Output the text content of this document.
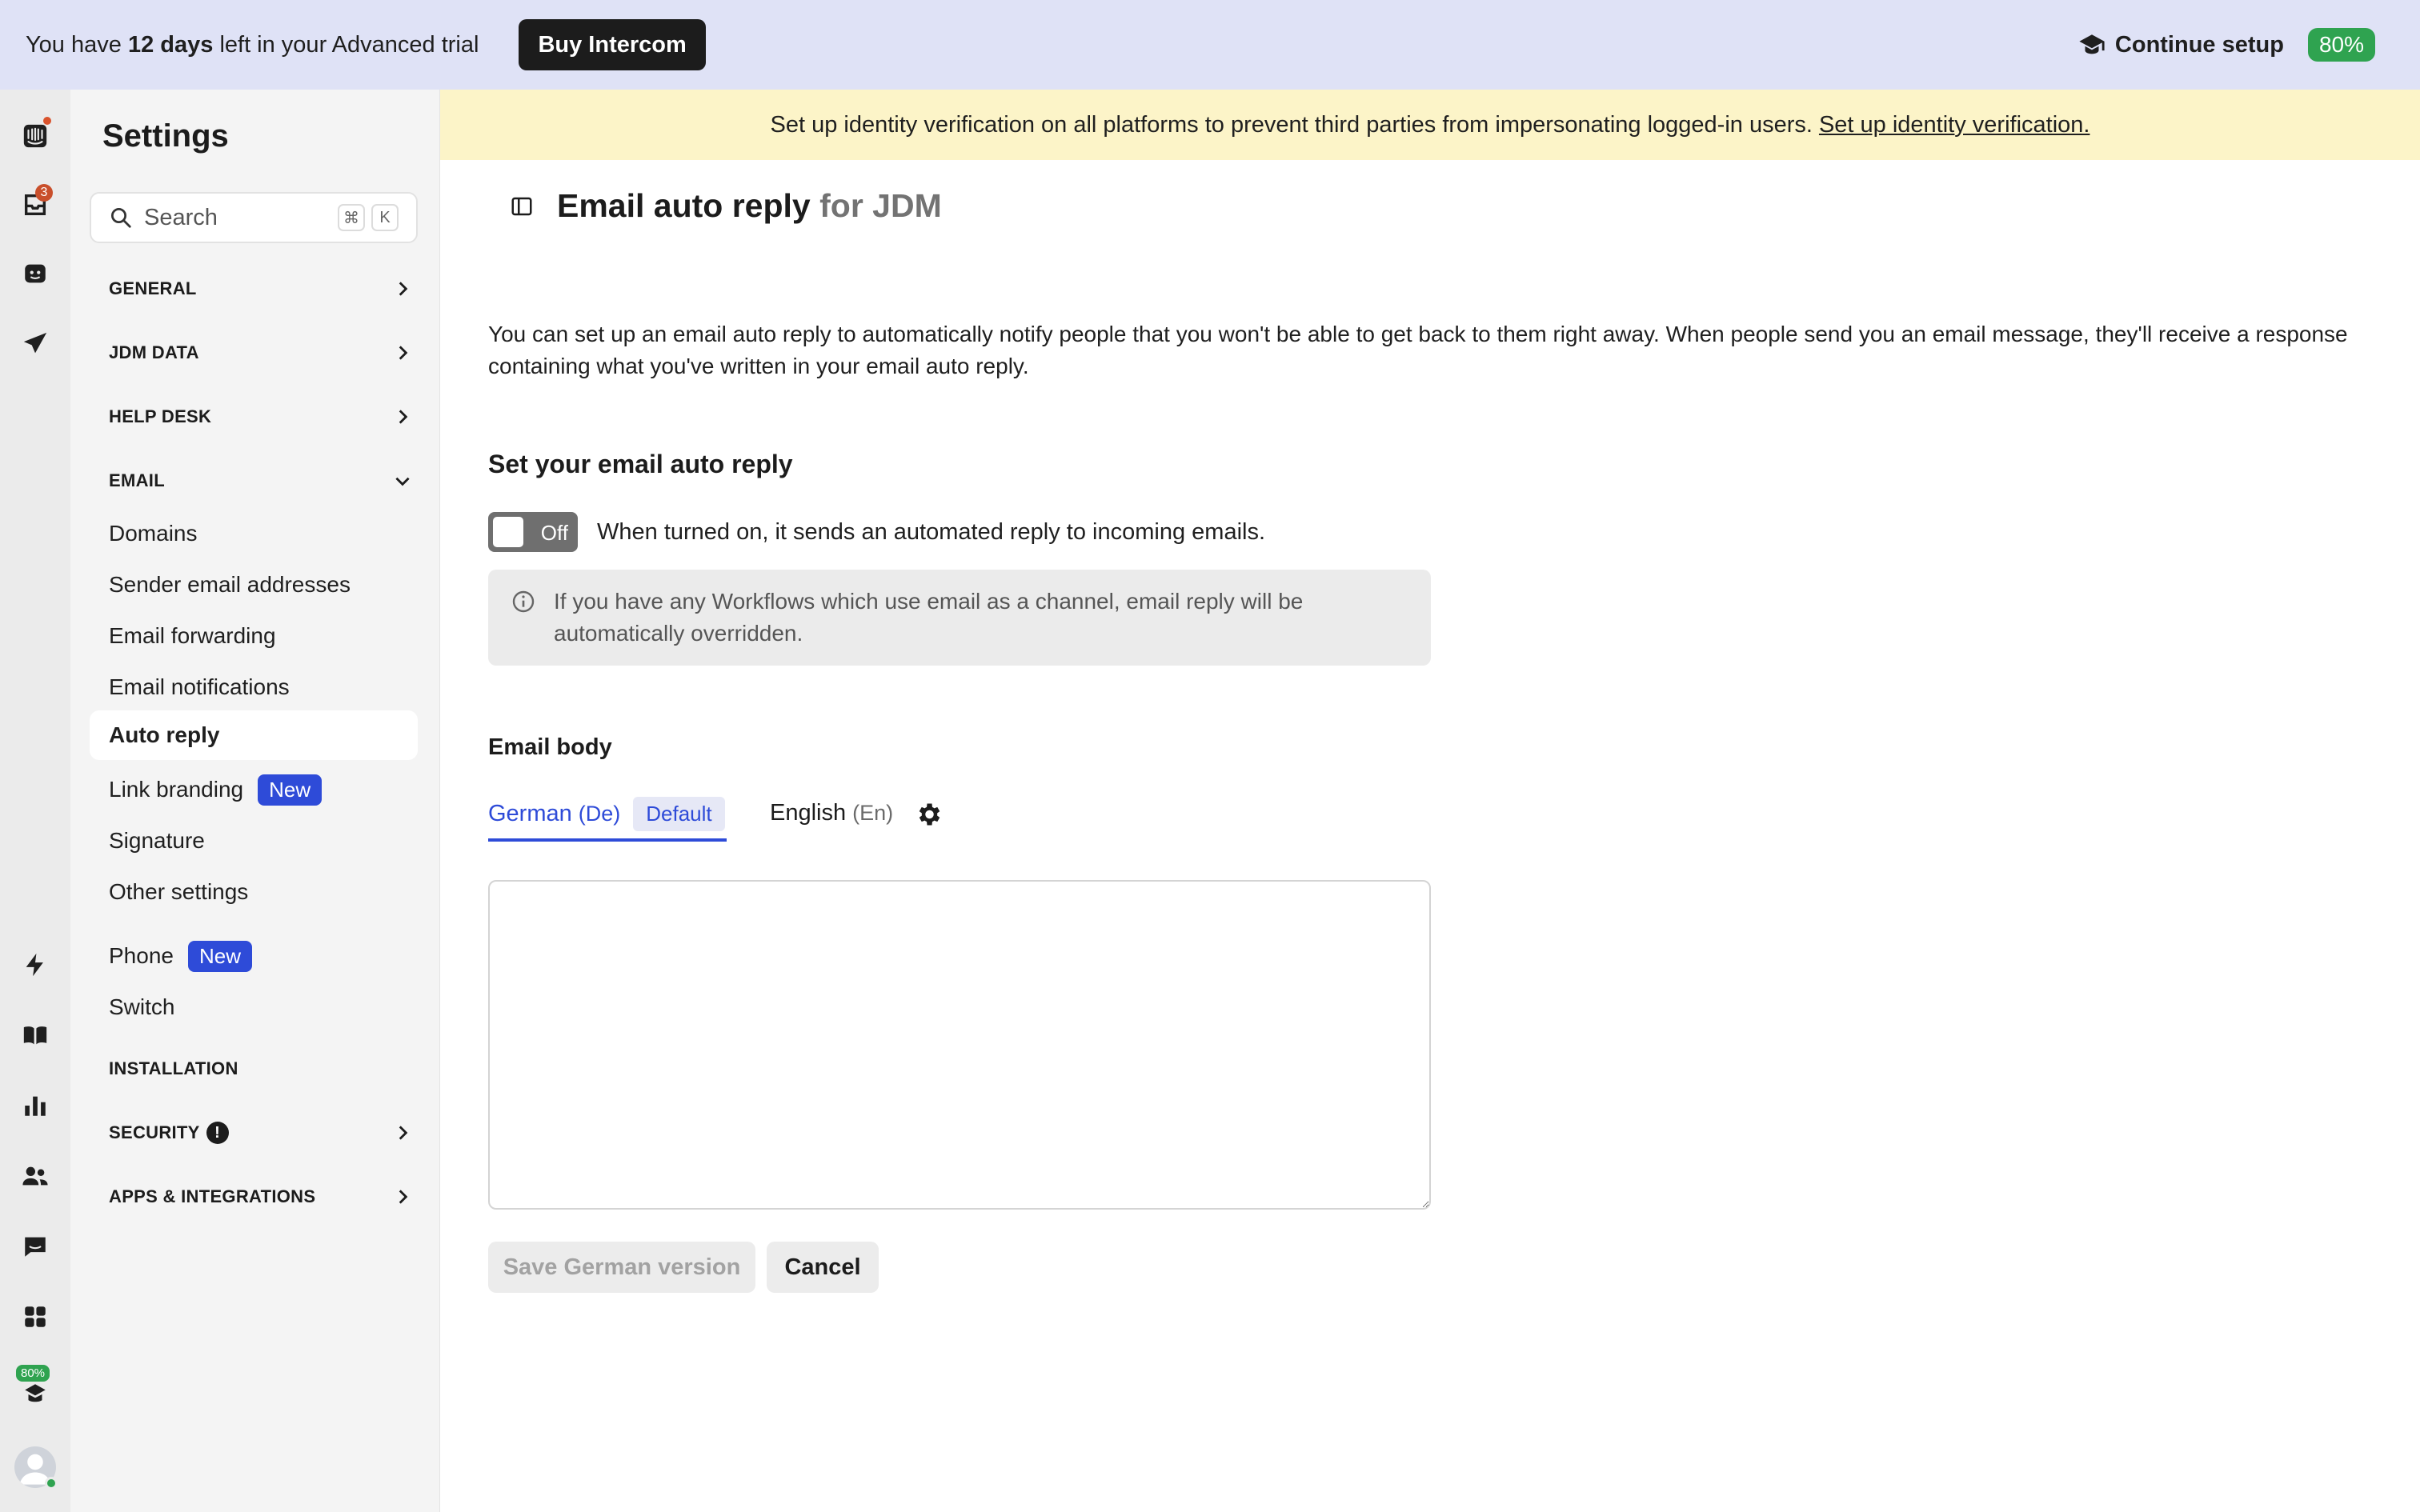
You have 12 days left in your Advanced trial	Buy Intercom	Continue setup	80%
3
80%
Settings
Search
⌘	K
GENERAL
JDM DATA
HELP DESK
EMAIL
Domains
Sender email addresses
Email forwarding
Email notifications
Auto reply
Link branding	New
Signature
Other settings
Phone	New
Switch
INSTALLATION
SECURITY !
APPS & INTEGRATIONS
Set up identity verification on all platforms to prevent third parties from impersonating logged-in users. Set up identity verification.
Email auto reply for JDM

You can set up an email auto reply to automatically notify people that you won't be able to get back to them right away. When people send you an email message, they'll receive a response containing what you've written in your email auto reply.

Set your email auto reply
Off When turned on, it sends an automated reply to incoming emails.
If you have any Workflows which use email as a channel, email reply will be automatically overridden.
Email body
German (De)	Default	English (En)
Save German version	Cancel
